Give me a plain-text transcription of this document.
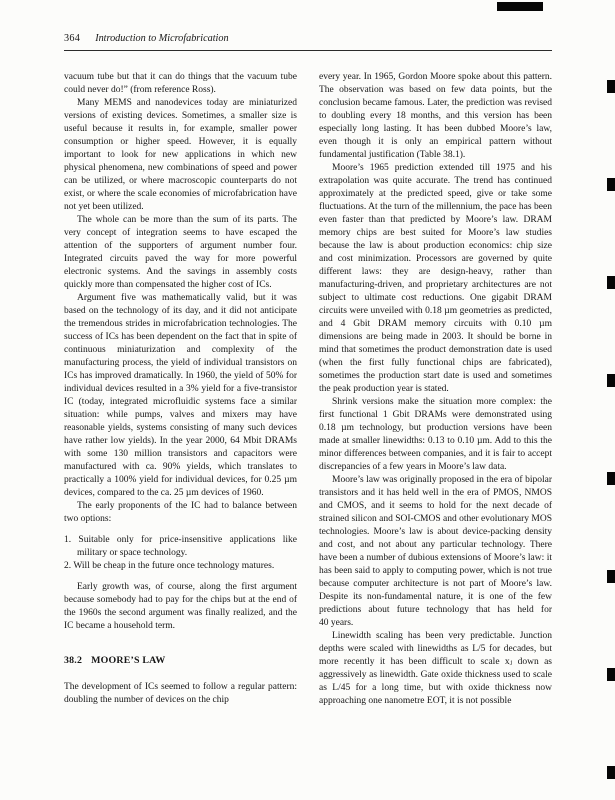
364 Introduction to Microfabrication

vacuum tube but that it can do things that the vacuum tube could never do!” (from reference Ross).

Many MEMS and nanodevices today are miniaturized versions of existing devices. Sometimes, a smaller size is useful because it results in, for example, smaller power consumption or higher speed. However, it is equally important to look for new applications in which new physical phenomena, new combinations of speed and power can be utilized, or where macroscopic counterparts do not exist, or where the scale economies of microfabrication have not yet been utilized.

The whole can be more than the sum of its parts. The very concept of integration seems to have escaped the attention of the supporters of argument number four. Integrated circuits paved the way for more powerful electronic systems. And the savings in assembly costs quickly more than compensated the higher cost of ICs.

Argument five was mathematically valid, but it was based on the technology of its day, and it did not anticipate the tremendous strides in microfabrication technologies. The success of ICs has been dependent on the fact that in spite of continuous miniaturization and complexity of the manufacturing process, the yield of individual transistors on ICs has improved dramatically. In 1960, the yield of 50% for individual devices resulted in a 3% yield for a five-transistor IC (today, integrated microfluidic systems face a similar situation: while pumps, valves and mixers may have reasonable yields, systems consisting of many such devices have rather low yields). In the year 2000, 64 Mbit DRAMs with some 130 million transistors and capacitors were manufactured with ca. 90% yields, which translates to practically a 100% yield for individual devices, for 0.25 µm devices, compared to the ca. 25 µm devices of 1960.

The early proponents of the IC had to balance between two options:

1. Suitable only for price-insensitive applications like military or space technology.
2. Will be cheap in the future once technology matures.

Early growth was, of course, along the first argument because somebody had to pay for the chips but at the end of the 1960s the second argument was finally realized, and the IC became a household term.

38.2 MOORE’S LAW

The development of ICs seemed to follow a regular pattern: doubling the number of devices on the chip

every year. In 1965, Gordon Moore spoke about this pattern. The observation was based on few data points, but the conclusion became famous. Later, the prediction was revised to doubling every 18 months, and this version has been especially long lasting. It has been dubbed Moore’s law, even though it is only an empirical pattern without fundamental justification (Table 38.1).

Moore’s 1965 prediction extended till 1975 and his extrapolation was quite accurate. The trend has continued approximately at the predicted speed, give or take some fluctuations. At the turn of the millennium, the pace has been even faster than that predicted by Moore’s law. DRAM memory chips are best suited for Moore’s law studies because the law is about production economics: chip size and cost minimization. Processors are governed by quite different laws: they are design-heavy, rather than manufacturing-driven, and proprietary architectures are not subject to ultimate cost reductions. One gigabit DRAM circuits were unveiled with 0.18 µm geometries as predicted, and 4 Gbit DRAM memory circuits with 0.10 µm dimensions are being made in 2003. It should be borne in mind that sometimes the product demonstration date is used (when the first fully functional chips are fabricated), sometimes the production start date is used and sometimes the peak production year is stated.

Shrink versions make the situation more complex: the first functional 1 Gbit DRAMs were demonstrated using 0.18 µm technology, but production versions have been made at smaller linewidths: 0.13 to 0.10 µm. Add to this the minor differences between companies, and it is fair to accept discrepancies of a few years in Moore’s law data.

Moore’s law was originally proposed in the era of bipolar transistors and it has held well in the era of PMOS, NMOS and CMOS, and it seems to hold for the next decade of strained silicon and SOI-CMOS and other evolutionary MOS technologies. Moore’s law is about device-packing density and cost, and not about any particular technology. There have been a number of dubious extensions of Moore’s law: it has been said to apply to computing power, which is not true because computer architecture is not part of Moore’s law. Despite its non-fundamental nature, it is one of the few predictions about future technology that has held for 40 years.

Linewidth scaling has been very predictable. Junction depths were scaled with linewidths as L/5 for decades, but more recently it has been difficult to scale xⱼ down as aggressively as linewidth. Gate oxide thickness used to scale as L/45 for a long time, but with oxide thickness now approaching one nanometre EOT, it is not possible
